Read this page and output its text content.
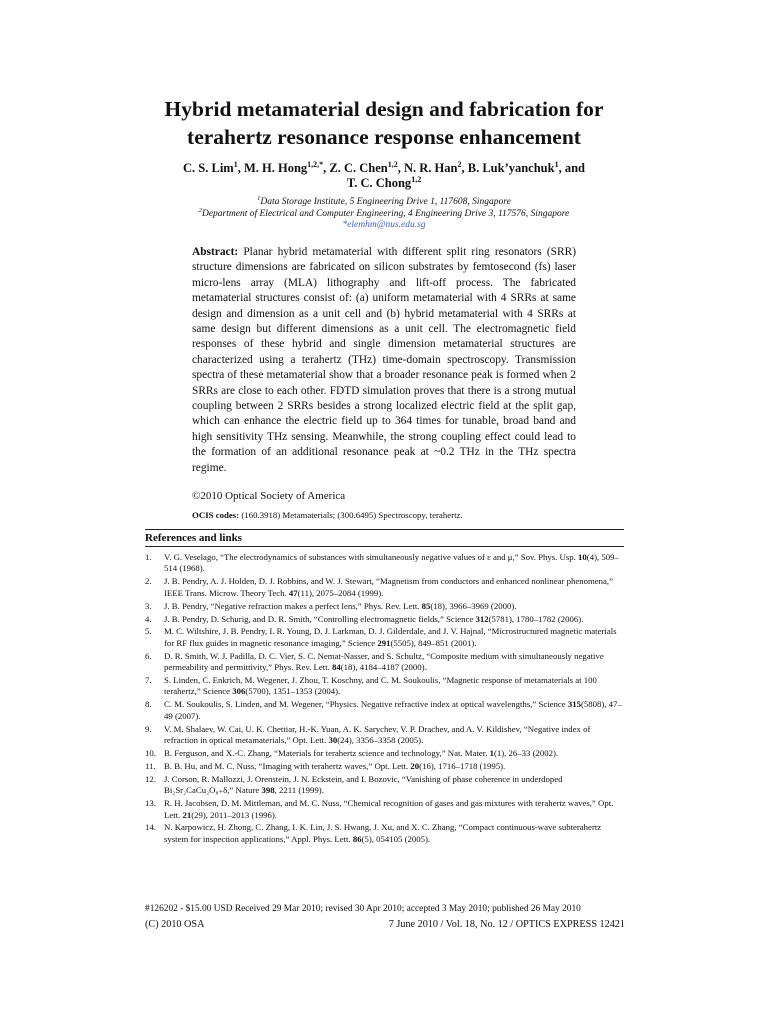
Hybrid metamaterial design and fabrication for
terahertz resonance response enhancement
C. S. Lim$^1$, M. H. Hong$^{1,2,*}$, Z. C. Chen$^{1,2}$, N. R. Han$^2$, B. Luk’yanchuk$^1$, and
T. C. Chong$^{1,2}$
$^1$Data Storage Institute, 5 Engineering Drive 1, 117608, Singapore
$^2$Department of Electrical and Computer Engineering, 4 Engineering Drive 3, 117576, Singapore
*elemhm@nus.edu.sg
Abstract: Planar hybrid metamaterial with different split ring resonators (SRR) structure dimensions are fabricated on silicon substrates by femtosecond (fs) laser micro-lens array (MLA) lithography and lift-off process. The fabricated metamaterial structures consist of: (a) uniform metamaterial with 4 SRRs at same design and dimension as a unit cell and (b) hybrid metamaterial with 4 SRRs at same design but different dimensions as a unit cell. The electromagnetic field responses of these hybrid and single dimension metamaterial structures are characterized using a terahertz (THz) time-domain spectroscopy. Transmission spectra of these metamaterial show that a broader resonance peak is formed when 2 SRRs are close to each other. FDTD simulation proves that there is a strong mutual coupling between 2 SRRs besides a strong localized electric field at the split gap, which can enhance the electric field up to 364 times for tunable, broad band and high sensitivity THz sensing. Meanwhile, the strong coupling effect could lead to the formation of an additional resonance peak at ~0.2 THz in the THz spectra regime.
©2010 Optical Society of America
OCIS codes: (160.3918) Metamaterials; (300.6495) Spectroscopy, terahertz.
References and links
1. V. G. Veselago, “The electrodynamics of substances with simultaneously negative values of ε and μ,” Sov. Phys. Usp. 10(4), 509–514 (1968).
2. J. B. Pendry, A. J. Holden, D. J. Robbins, and W. J. Stewart, “Magnetism from conductors and enhanced nonlinear phenomena,” IEEE Trans. Microw. Theory Tech. 47(11), 2075–2084 (1999).
3. J. B. Pendry, “Negative refraction makes a perfect lens,” Phys. Rev. Lett. 85(18), 3966–3969 (2000).
4. J. B. Pendry, D. Schurig, and D. R. Smith, “Controlling electromagnetic fields,” Science 312(5781), 1780–1782 (2006).
5. M. C. Wiltshire, J. B. Pendry, I. R. Young, D. J. Larkman, D. J. Gilderdale, and J. V. Hajnal, “Microstructured magnetic materials for RF flux guides in magnetic resonance imaging,” Science 291(5505), 849–851 (2001).
6. D. R. Smith, W. J. Padilla, D. C. Vier, S. C. Nemat-Nasser, and S. Schultz, “Composite medium with simultaneously negative permeability and permittivity,” Phys. Rev. Lett. 84(18), 4184–4187 (2000).
7. S. Linden, C. Enkrich, M. Wegener, J. Zhou, T. Koschny, and C. M. Soukoulis, “Magnetic response of metamaterials at 100 terahertz,” Science 306(5700), 1351–1353 (2004).
8. C. M. Soukoulis, S. Linden, and M. Wegener, “Physics. Negative refractive index at optical wavelengths,” Science 315(5808), 47–49 (2007).
9. V. M. Shalaev, W. Cai, U. K. Chettiar, H.-K. Yuan, A. K. Sarychev, V. P. Drachev, and A. V. Kildishev, “Negative index of refraction in optical metamaterials,” Opt. Lett. 30(24), 3356–3358 (2005).
10. B. Ferguson, and X.-C. Zhang, “Materials for terahertz science and technology,” Nat. Mater. 1(1), 26–33 (2002).
11. B. B. Hu, and M. C. Nuss, “Imaging with terahertz waves,” Opt. Lett. 20(16), 1716–1718 (1995).
12. J. Corson, R. Mallozzi, J. Orenstein, J. N. Eckstein, and I. Bozovic, “Vanishing of phase coherence in underdoped Bi₂Sr₂CaCu₂O₈₊δ,” Nature 398, 2211 (1999).
13. R. H. Jacobsen, D. M. Mittleman, and M. C. Nuss, “Chemical recognition of gases and gas mixtures with terahertz waves,” Opt. Lett. 21(29), 2011–2013 (1996).
14. N. Karpowicz, H. Zhong, C. Zhang, I. K. Lin, J. S. Hwang, J. Xu, and X. C. Zhang, “Compact continuous-wave subterahertz system for inspection applications,” Appl. Phys. Lett. 86(5), 054105 (2005).
#126202 - $15.00 USD Received 29 Mar 2010; revised 30 Apr 2010; accepted 3 May 2010; published 26 May 2010
(C) 2010 OSA	7 June 2010 / Vol. 18, No. 12 / OPTICS EXPRESS 12421
